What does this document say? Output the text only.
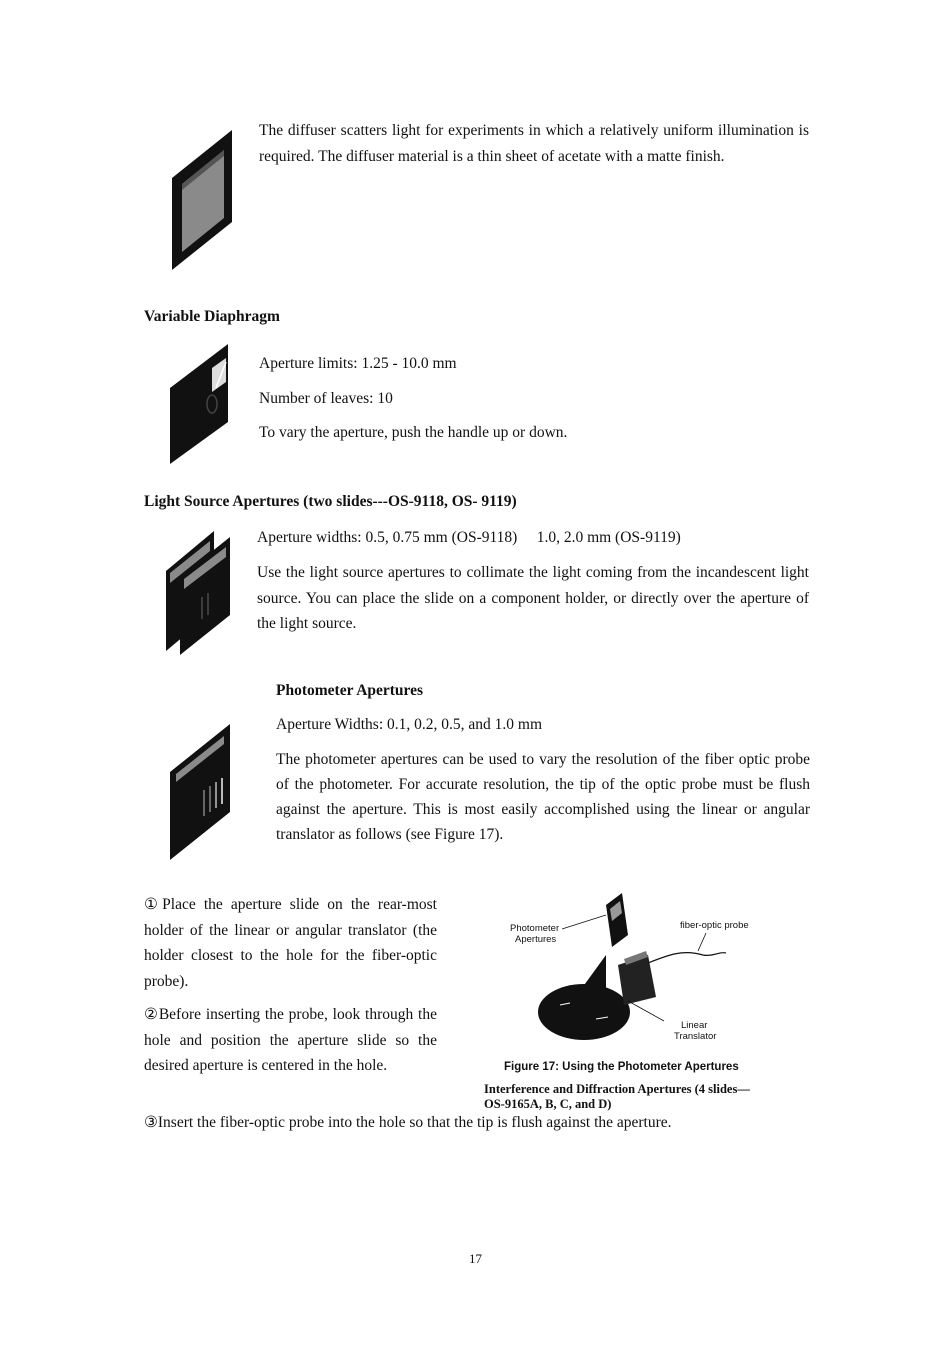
The diffuser scatters light for experiments in which a relatively uniform illumination is required. The diffuser material is a thin sheet of acetate with a matte finish.
Variable Diaphragm
Aperture limits: 1.25 - 10.0 mm
Number of leaves: 10
To vary the aperture, push the handle up or down.
Light Source Apertures (two slides---OS-9118, OS- 9119)
Aperture widths: 0.5, 0.75 mm (OS-9118)     1.0, 2.0 mm (OS-9119)
Use the light source apertures to collimate the light coming from the incandescent light source. You can place the slide on a component holder, or directly over the aperture of the light source.
Photometer Apertures
Aperture Widths: 0.1, 0.2, 0.5, and 1.0 mm
The photometer apertures can be used to vary the resolution of the fiber optic probe of the photometer. For accurate resolution, the tip of the optic probe must be flush against the aperture. This is most easily accomplished using the linear or angular translator as follows (see Figure 17).
①Place the aperture slide on the rear-most holder of the linear or angular translator (the holder closest to the hole for the fiber-optic probe).
②Before inserting the probe, look through the hole and position the aperture slide so the desired aperture is centered in the hole.
Photometer
Apertures
fiber-optic probe
Linear
Translator
Figure 17: Using the Photometer Apertures
Interference and Diffraction Apertures (4 slides—
OS-9165A, B, C, and D)
③Insert the fiber-optic probe into the hole so that the tip is flush against the aperture.
17
